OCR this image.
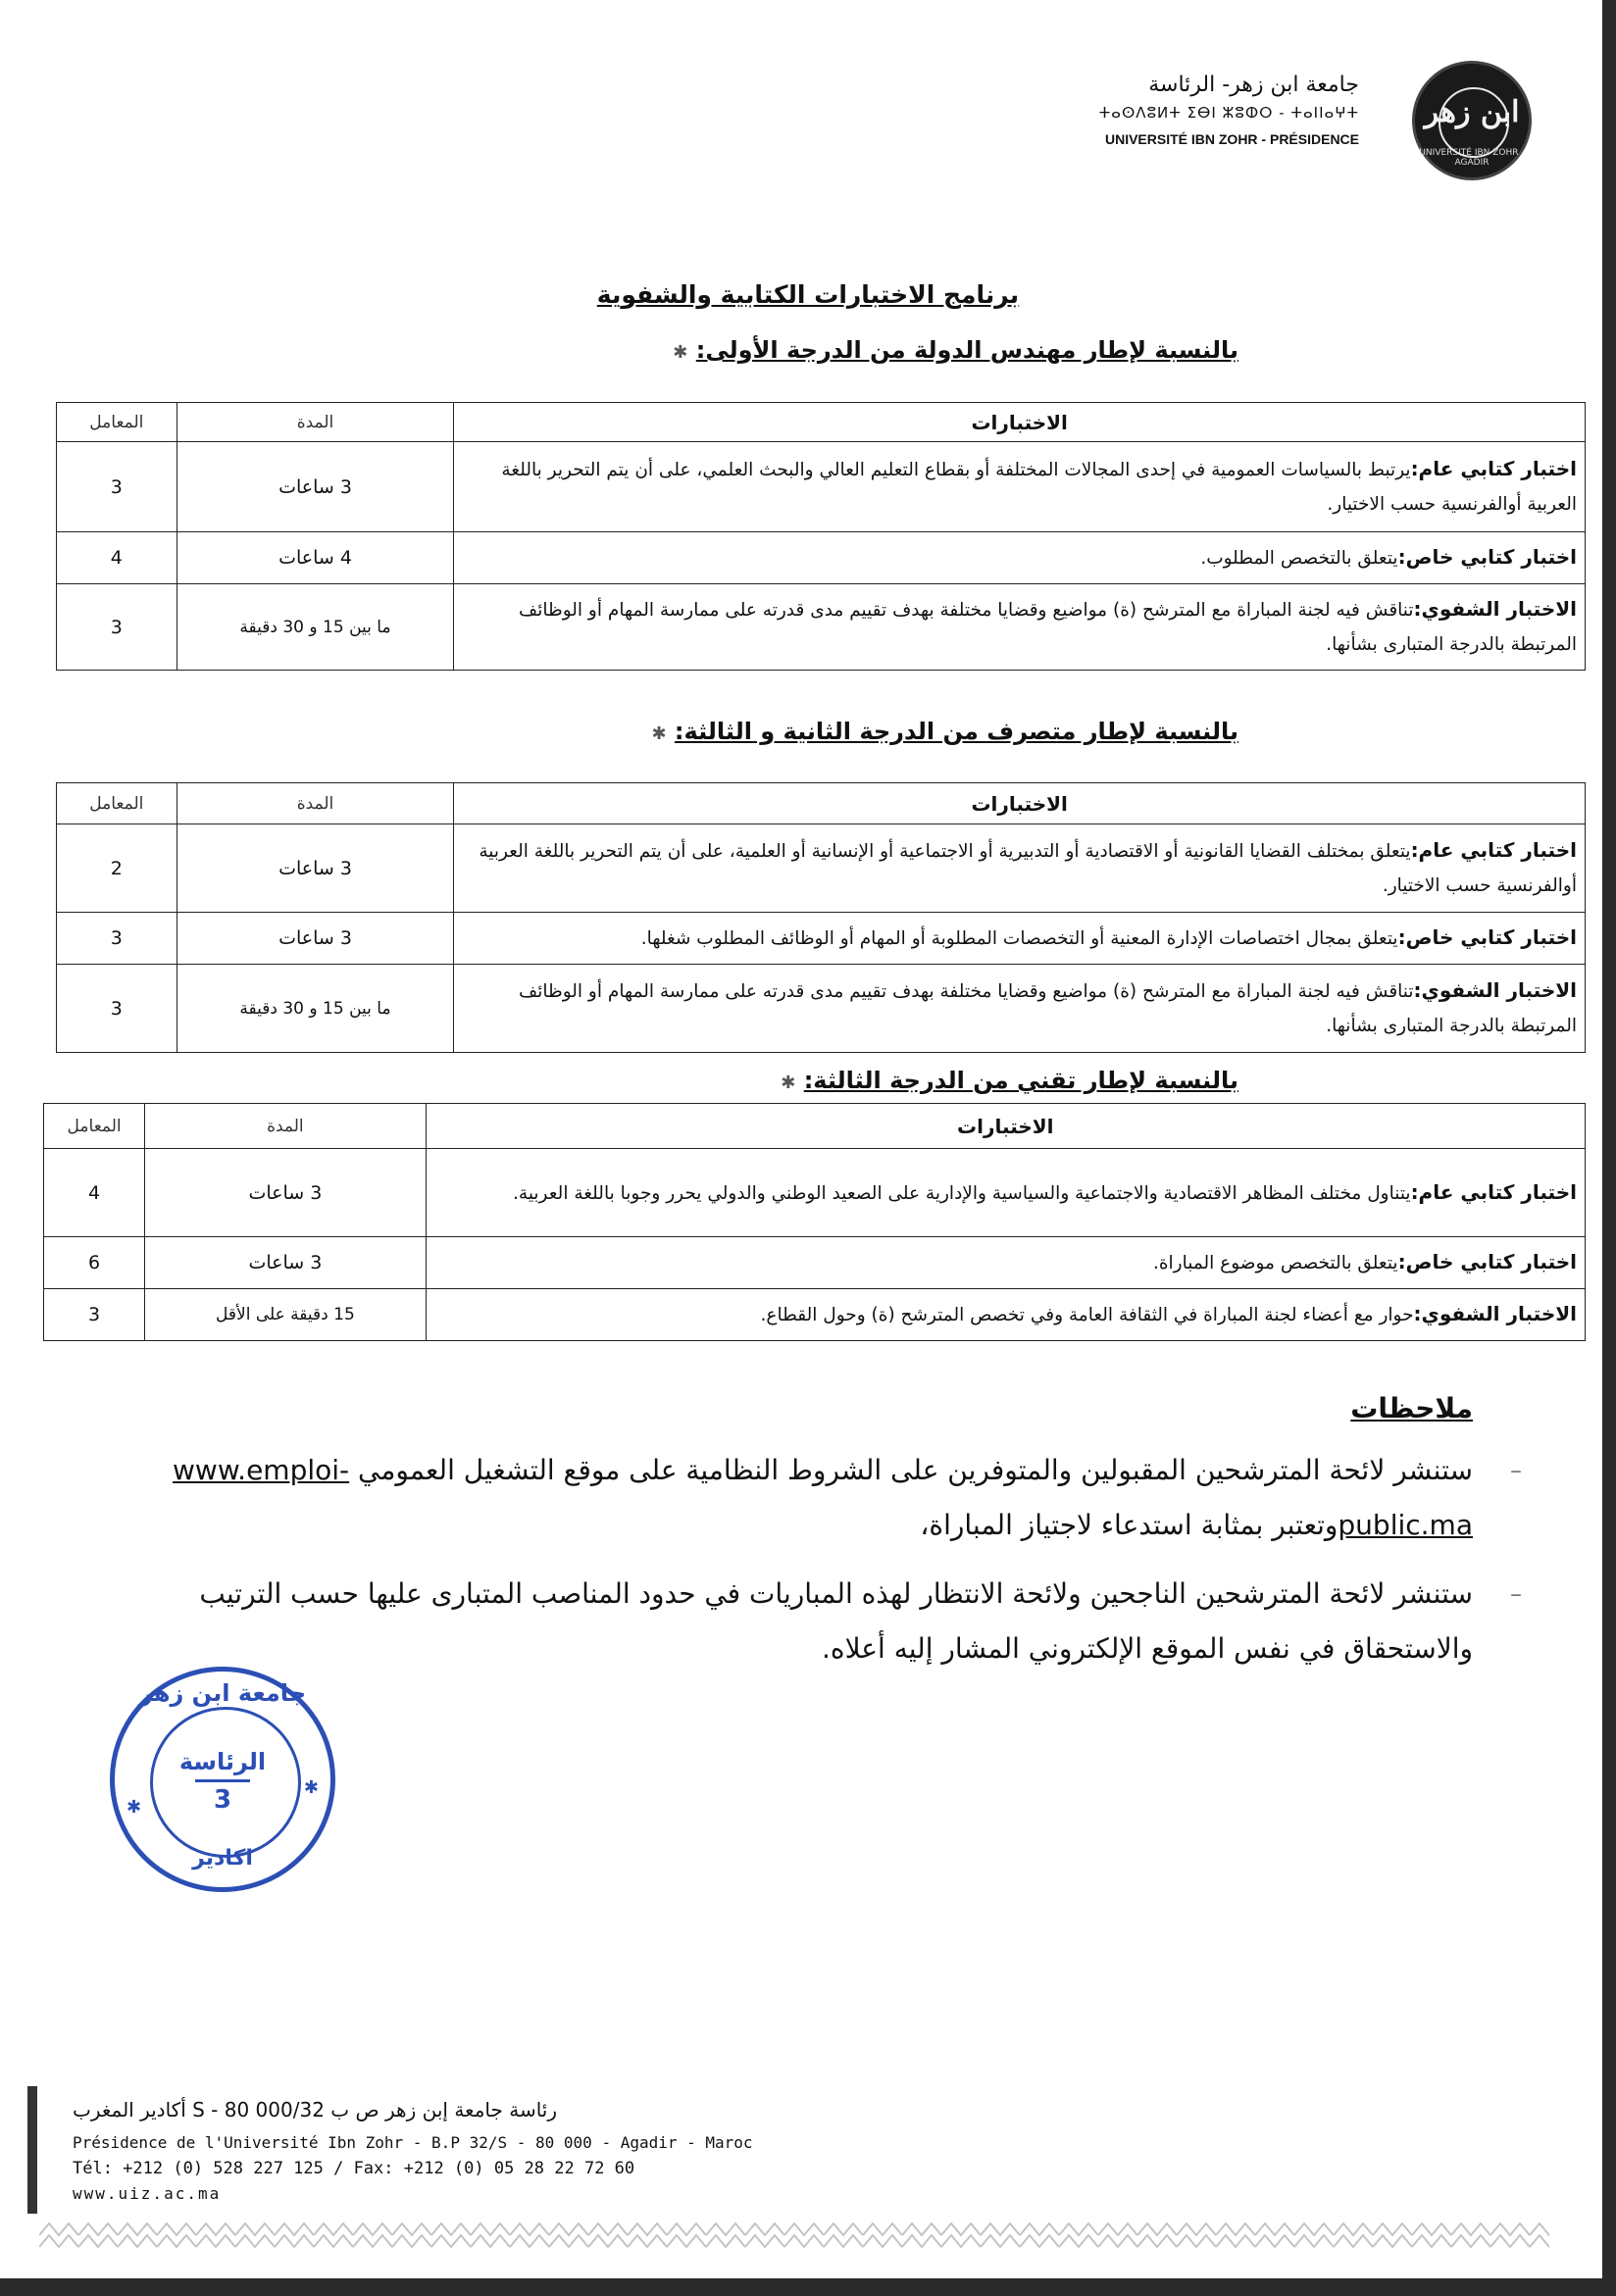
ابن زهر
UNIVERSITÉ IBN ZOHR - AGADIR
جامعة ابن زهر- الرئاسة
ⵜⴰⵙⴷⵓⵍⵜ ⵉⴱⵏ ⵣⵓⵀⵔ - ⵜⴰⵏⵏⴰⵖⵜ
UNIVERSITÉ IBN ZOHR - PRÉSIDENCE
برنامج الاختبارات الكتابية والشفوية
بالنسبة لإطار مهندس الدولة من الدرجة الأولى: ✱
الاختبارات	المدة	المعامل
اختبار كتابي عام:يرتبط بالسياسات العمومية في إحدى المجالات المختلفة أو بقطاع التعليم العالي والبحث العلمي، على أن يتم التحرير باللغة العربية أوالفرنسية حسب الاختيار.	3 ساعات	3
اختبار كتابي خاص:يتعلق بالتخصص المطلوب.	4 ساعات	4
الاختبار الشفوي:تناقش فيه لجنة المباراة مع المترشح (ة) مواضيع وقضايا مختلفة بهدف تقييم مدى قدرته على ممارسة المهام أو الوظائف المرتبطة بالدرجة المتبارى بشأنها.	ما بين 15 و 30 دقيقة	3
بالنسبة لإطار متصرف من الدرجة الثانية و الثالثة: ✱
الاختبارات	المدة	المعامل
اختبار كتابي عام:يتعلق بمختلف القضايا القانونية أو الاقتصادية أو التدبيرية أو الاجتماعية أو الإنسانية أو العلمية، على أن يتم التحرير باللغة العربية أوالفرنسية حسب الاختيار.	3 ساعات	2
اختبار كتابي خاص:يتعلق بمجال اختصاصات الإدارة المعنية أو التخصصات المطلوبة أو المهام أو الوظائف المطلوب شغلها.	3 ساعات	3
الاختبار الشفوي:تناقش فيه لجنة المباراة مع المترشح (ة) مواضيع وقضايا مختلفة بهدف تقييم مدى قدرته على ممارسة المهام أو الوظائف المرتبطة بالدرجة المتبارى بشأنها.	ما بين 15 و 30 دقيقة	3
بالنسبة لإطار تقني من الدرجة الثالثة: ✱
الاختبارات	المدة	المعامل
اختبار كتابي عام:يتناول مختلف المظاهر الاقتصادية والاجتماعية والسياسية والإدارية على الصعيد الوطني والدولي يحرر وجوبا باللغة العربية.	3 ساعات	4
اختبار كتابي خاص:يتعلق بالتخصص موضوع المباراة.	3 ساعات	6
الاختبار الشفوي:حوار مع أعضاء لجنة المباراة في الثقافة العامة وفي تخصص المترشح (ة) وحول القطاع.	15 دقيقة على الأقل	3
ملاحظات
–
ستنشر لائحة المترشحين المقبولين والمتوفرين على الشروط النظامية على موقع التشغيل العمومي www.emploi-public.maوتعتبر بمثابة استدعاء لاجتياز المباراة،
–
ستنشر لائحة المترشحين الناجحين ولائحة الانتظار لهذه المباريات في حدود المناصب المتبارى عليها حسب الترتيب والاستحقاق في نفس الموقع الإلكتروني المشار إليه أعلاه.
جامعة ابن زهر
الرئاسة
3
اكادير
✱
✱
رئاسة جامعة إبن زهر ص ب 32/S - 80 000 أكادير المغرب
Présidence de l'Université Ibn Zohr - B.P 32/S - 80 000 - Agadir - Maroc
Tél: +212 (0) 528 227 125 / Fax: +212 (0) 05 28 22 72 60
www.uiz.ac.ma
